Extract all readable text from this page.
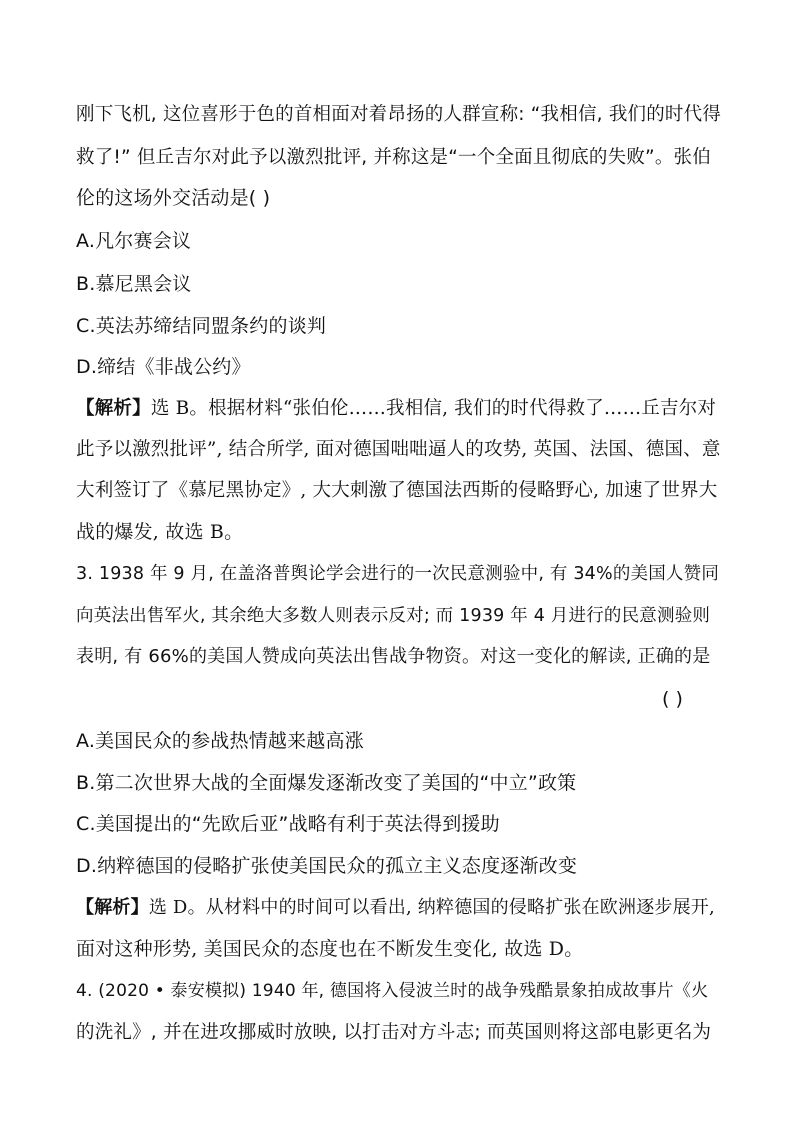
刚下飞机, 这位喜形于色的首相面对着昂扬的人群宣称: “我相信, 我们的时代得
救了!” 但丘吉尔对此予以激烈批评, 并称这是“一个全面且彻底的失败”。张伯
伦的这场外交活动是( )
A.凡尔赛会议
B.慕尼黑会议
C.英法苏缔结同盟条约的谈判
D.缔结《非战公约》
【解析】选 B。根据材料“张伯伦……我相信, 我们的时代得救了……丘吉尔对
此予以激烈批评”, 结合所学, 面对德国咄咄逼人的攻势, 英国、法国、德国、意
大利签订了《慕尼黑协定》, 大大刺激了德国法西斯的侵略野心, 加速了世界大
战的爆发, 故选 B。
3. 1938 年 9 月, 在盖洛普舆论学会进行的一次民意测验中, 有 34%的美国人赞同
向英法出售军火, 其余绝大多数人则表示反对; 而 1939 年 4 月进行的民意测验则
表明, 有 66%的美国人赞成向英法出售战争物资。对这一变化的解读, 正确的是
( )
A.美国民众的参战热情越来越高涨
B.第二次世界大战的全面爆发逐渐改变了美国的“中立”政策
C.美国提出的“先欧后亚”战略有利于英法得到援助
D.纳粹德国的侵略扩张使美国民众的孤立主义态度逐渐改变
【解析】选 D。从材料中的时间可以看出, 纳粹德国的侵略扩张在欧洲逐步展开,
面对这种形势, 美国民众的态度也在不断发生变化, 故选 D。
4. (2020 • 泰安模拟) 1940 年, 德国将入侵波兰时的战争残酷景象拍成故事片《火
的洗礼》, 并在进攻挪威时放映, 以打击对方斗志; 而英国则将这部电影更名为
